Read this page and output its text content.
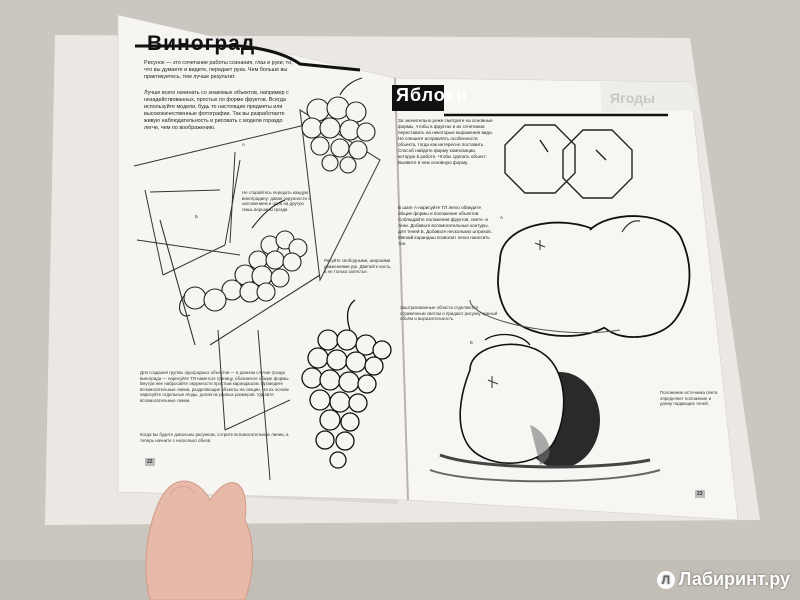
Виноград
Рисунок — это сочетание работы сознания, глаз и руки; то, что вы думаете и видите, передает рука. Чем больше вы практикуетесь, тем лучше результат.
Лучше всего начинать со знакомых объектов, например с незадействованных, простых по форме фруктов. Всегда используйте модели, будь то настоящие предметы или высококачественные фотографии. Так вы разработаете живую наблюдательность и рисовать с модели гораздо легче, чем по воображению.
Не старайтесь передать каждую виноградину: давая окружности с наложением и одна на другую лишь вершины грозди.
Рисуйте свободными, широкими движениями рук. Двигайте кисть, а не только запястье.
Для создания группы однородных объектов — в данном случае грозди винограда — нарисуйте ТЯ наметьте границу, обозначьте общие формы. Внутри нее набросайте окружности простым карандашом. Проведите вспомогательные линии, разделяющие объекты на секции. На их основе нарисуйте отдельные ягоды, делая их разных размеров. Удалите вспомогательные линии.
Когда вы будете довольны рисунком, сотрите вспомогательные линии, а теперь начните с несколько обнов.
A
Б
22
Яблоки
За значительно реже смотрите на основные формы, чтобы в фруктах и их сочетании переставить на некоторые выражения вида. Не спешите исправлять особенности объекта, тогда как интересно поставить. Способ найдите форму композиции, которую в работе. Чтобы сделать объект: Выявите в нем основную форму.
В шаге A нарисуйте ТЛ легко обведите общие формы и положение объектов. Соблюдайте положения фруктов, свето- и тени. Добавьте вспомогательные контуры, для теней Б. Добавьте нескольких штрихов. Мягкий карандаш позволит легко наносить тон.
Заштрихованные области отделяются отражённым светом и придают рисунку нужный объём и выразительность.
Положение источника света определяет положение и длину падающих теней.
A
Б
23
Ягоды
Л Лабиринт.ру
